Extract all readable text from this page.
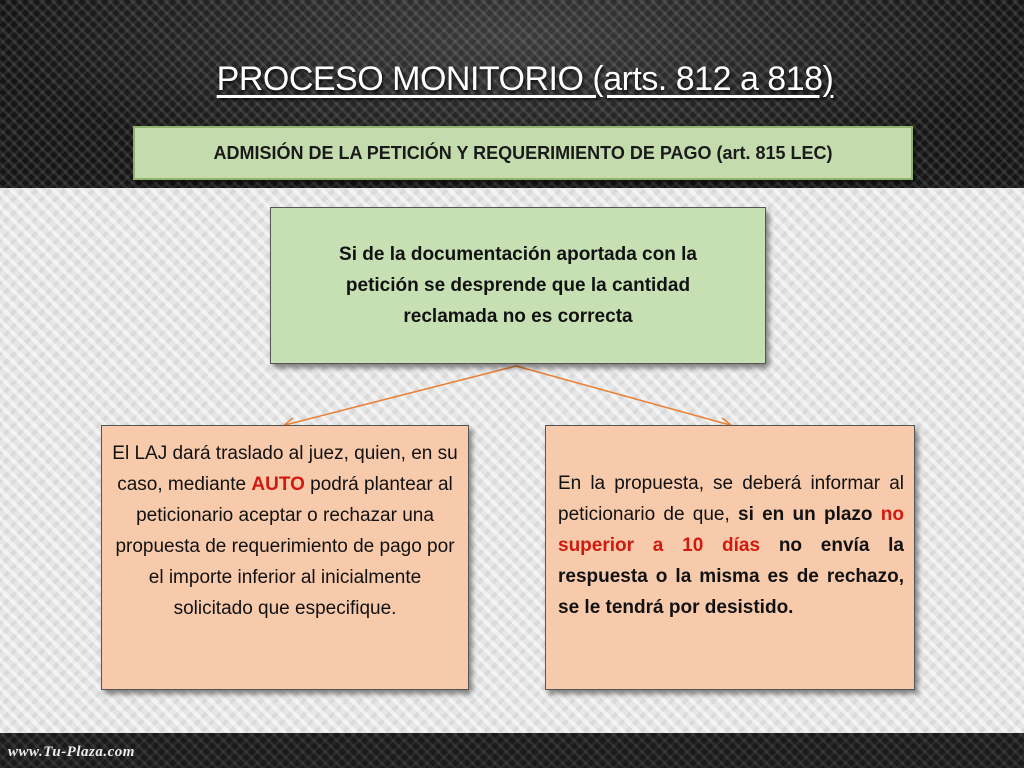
PROCESO MONITORIO (arts. 812 a 818)
ADMISIÓN DE LA PETICIÓN Y REQUERIMIENTO DE PAGO (art. 815 LEC)
Si de la documentación aportada con la petición se desprende que la cantidad reclamada no es correcta
El LAJ dará traslado al juez, quien, en su caso, mediante AUTO podrá plantear al peticionario aceptar o rechazar una propuesta de requerimiento de pago por el importe inferior al inicialmente solicitado que especifique.
En la propuesta, se deberá informar al peticionario de que, si en un plazo no superior a 10 días no envía la respuesta o la misma es de rechazo, se le tendrá por desistido.
www.Tu-Plaza.com
